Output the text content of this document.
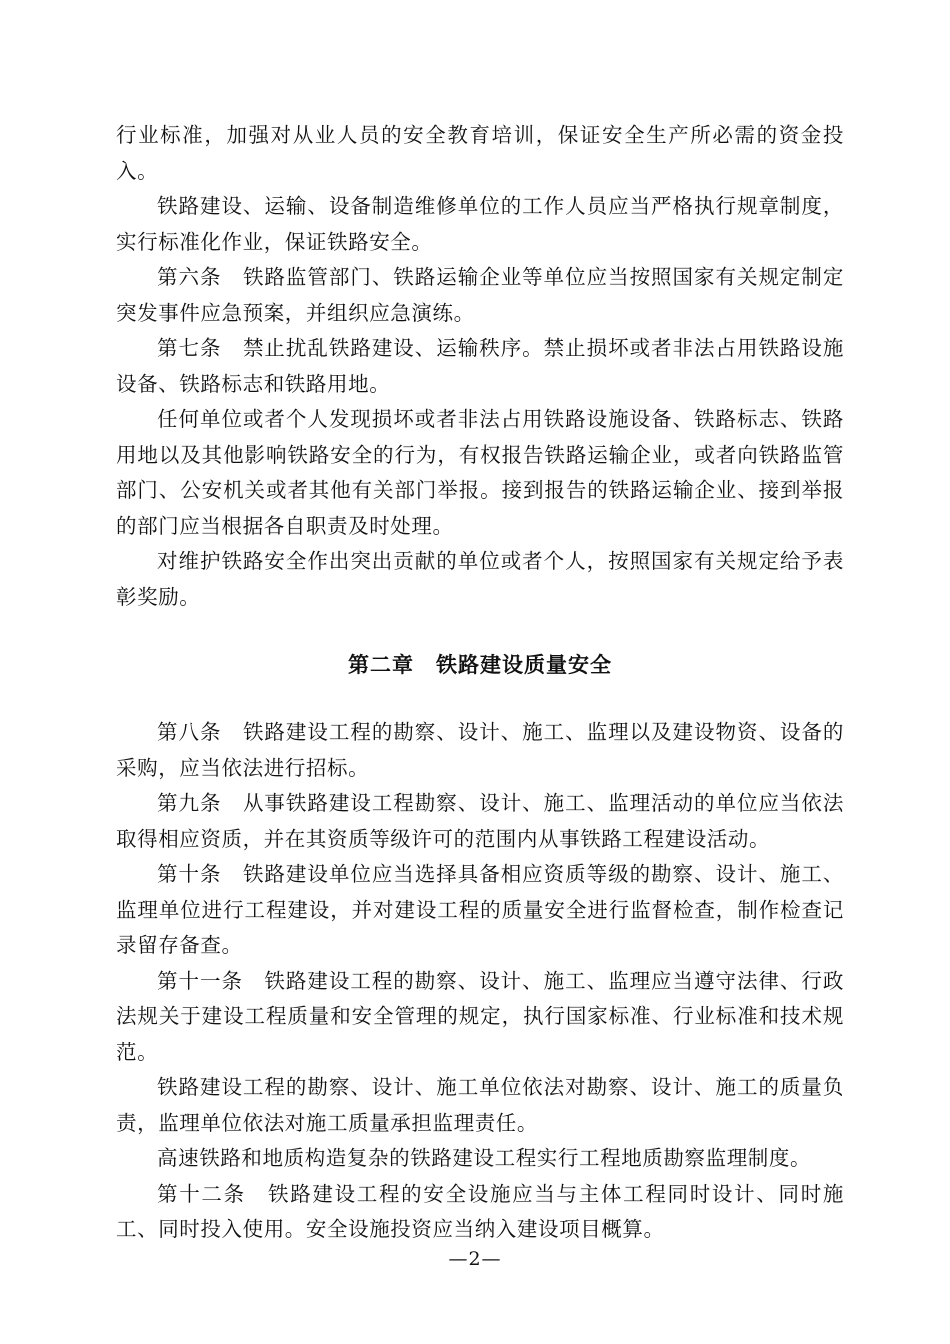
行业标准，加强对从业人员的安全教育培训，保证安全生产所必需的资金投入。

铁路建设、运输、设备制造维修单位的工作人员应当严格执行规章制度，实行标准化作业，保证铁路安全。

第六条　 铁路监管部门、铁路运输企业等单位应当按照国家有关规定制定突发事件应急预案，并组织应急演练。

第七条　 禁止扰乱铁路建设、运输秩序。禁止损坏或者非法占用铁路设施设备、铁路标志和铁路用地。

任何单位或者个人发现损坏或者非法占用铁路设施设备、铁路标志、铁路用地以及其他影响铁路安全的行为，有权报告铁路运输企业，或者向铁路监管部门、公安机关或者其他有关部门举报。接到报告的铁路运输企业、接到举报的部门应当根据各自职责及时处理。

对维护铁路安全作出突出贡献的单位或者个人，按照国家有关规定给予表彰奖励。

第二章 铁路建设质量安全

第八条　 铁路建设工程的勘察、设计、施工、监理以及建设物资、设备的采购，应当依法进行招标。

第九条　 从事铁路建设工程勘察、设计、施工、监理活动的单位应当依法取得相应资质，并在其资质等级许可的范围内从事铁路工程建设活动。

第十条　 铁路建设单位应当选择具备相应资质等级的勘察、设计、施工、监理单位进行工程建设，并对建设工程的质量安全进行监督检查，制作检查记录留存备查。

第十一条　 铁路建设工程的勘察、设计、施工、监理应当遵守法律、行政法规关于建设工程质量和安全管理的规定，执行国家标准、行业标准和技术规范。

铁路建设工程的勘察、设计、施工单位依法对勘察、设计、施工的质量负责，监理单位依法对施工质量承担监理责任。

高速铁路和地质构造复杂的铁路建设工程实行工程地质勘察监理制度。

第十二条　 铁路建设工程的安全设施应当与主体工程同时设计、同时施工、同时投入使用。安全设施投资应当纳入建设项目概算。

—2—
